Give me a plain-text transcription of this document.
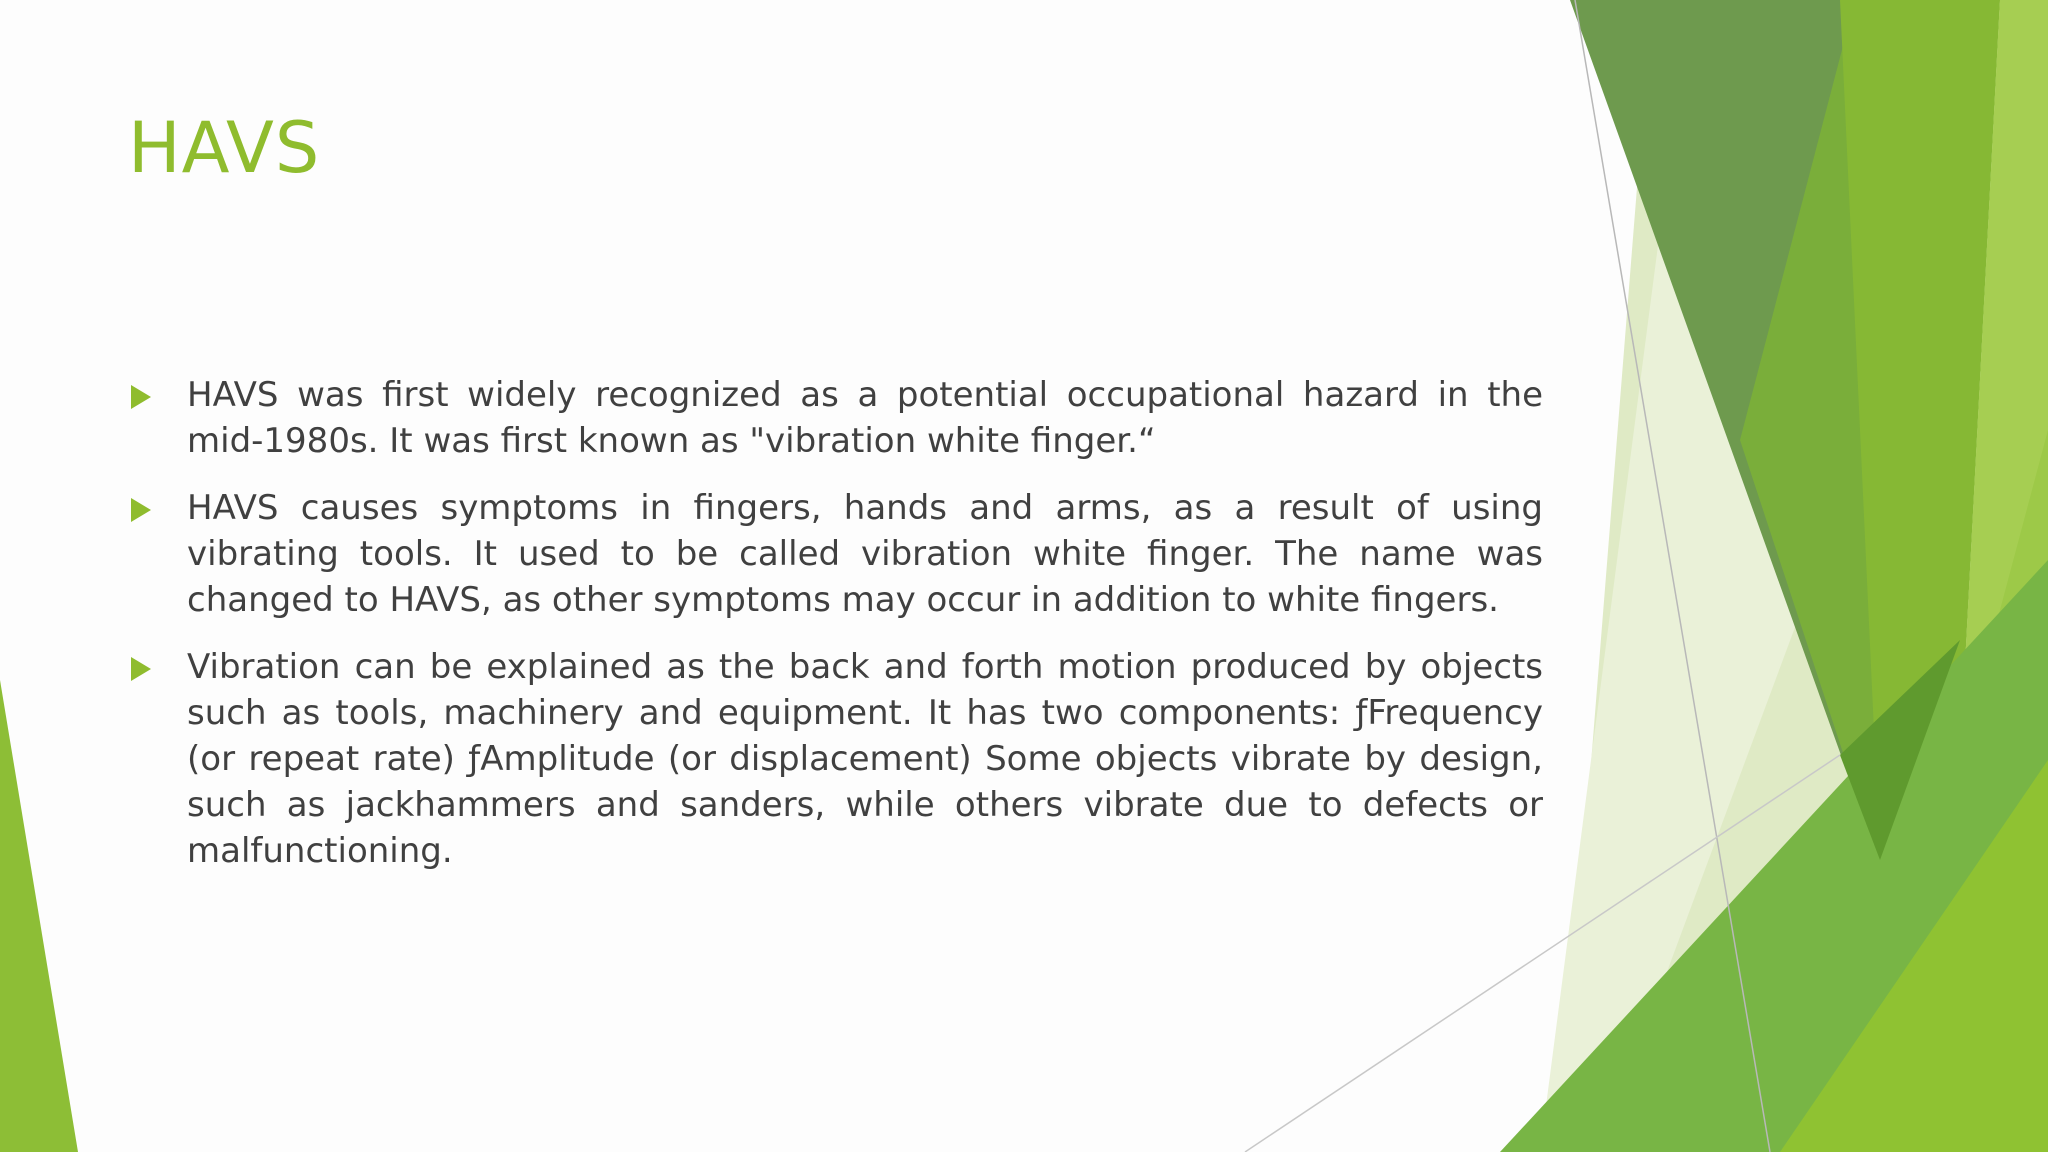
HAVS
HAVS was first widely recognized as a potential occupational hazard in the mid-1980s. It was first known as "vibration white finger.“
HAVS causes symptoms in fingers, hands and arms, as a result of using vibrating tools. It used to be called vibration white finger. The name was changed to HAVS, as other symptoms may occur in addition to white fingers.
Vibration can be explained as the back and forth motion produced by objects such as tools, machinery and equipment. It has two components: ƒFrequency (or repeat rate) ƒAmplitude (or displacement) Some objects vibrate by design, such as jackhammers and sanders, while others vibrate due to defects or malfunctioning.
